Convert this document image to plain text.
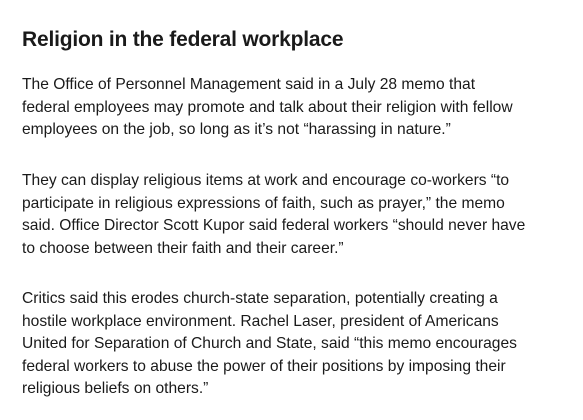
Religion in the federal workplace

The Office of Personnel Management said in a July 28 memo that
federal employees may promote and talk about their religion with fellow
employees on the job, so long as it’s not “harassing in nature.”

They can display religious items at work and encourage co-workers “to
participate in religious expressions of faith, such as prayer,” the memo
said. Office Director Scott Kupor said federal workers “should never have
to choose between their faith and their career.”

Critics said this erodes church-state separation, potentially creating a
hostile workplace environment. Rachel Laser, president of Americans
United for Separation of Church and State, said “this memo encourages
federal workers to abuse the power of their positions by imposing their
religious beliefs on others.”
